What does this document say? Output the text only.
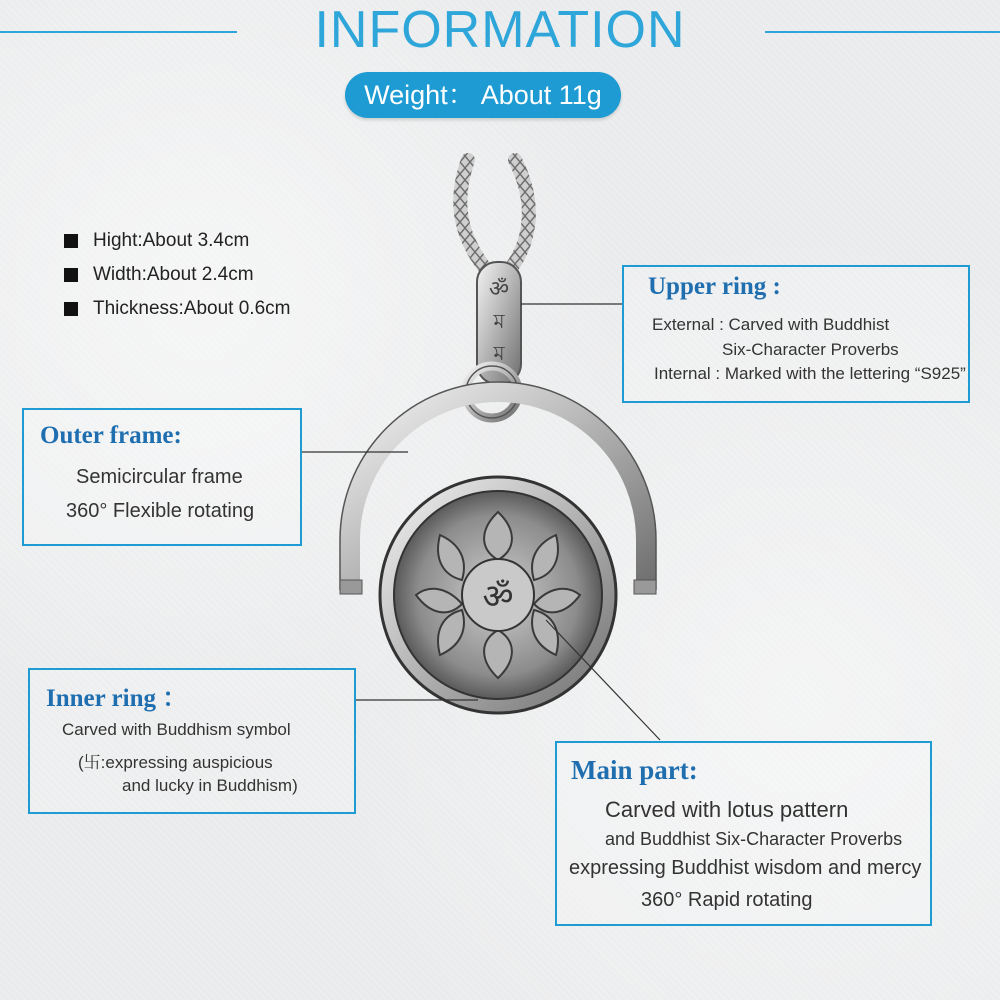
INFORMATION
Weight： About 11g
Hight:About 3.4cm
Width:About 2.4cm
Thickness:About 0.6cm
ॐ
ম
ম
ॐ
Upper ring :
External : Carved with Buddhist
Six-Character Proverbs
Internal : Marked with the lettering “S925”
Outer frame:
Semicircular frame
360° Flexible rotating
Inner ring ：
Carved with Buddhism symbol
(卐:expressing auspicious
and lucky in Buddhism)
Main part:
Carved with lotus pattern
and Buddhist Six-Character Proverbs
expressing Buddhist wisdom and mercy
360° Rapid rotating
